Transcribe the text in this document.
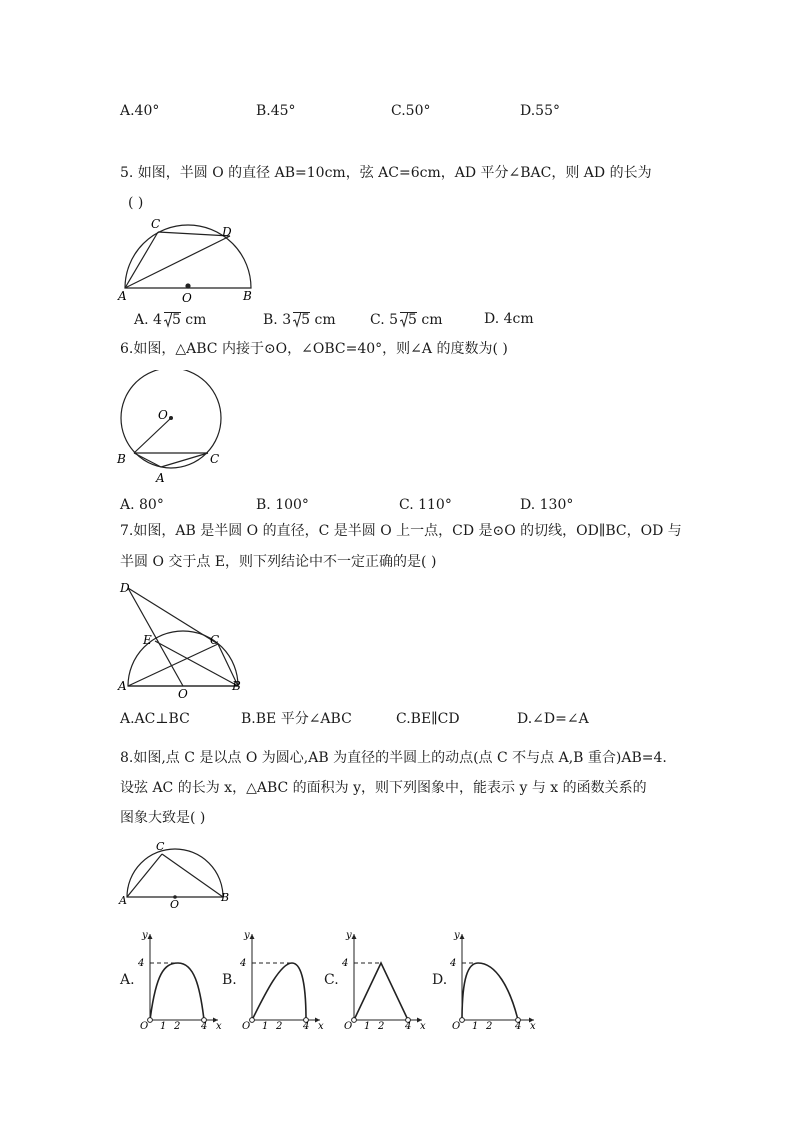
A.40°	B.45°	C.50°	D.55°
5. 如图，半圆 O 的直径 AB=10cm，弦 AC=6cm，AD 平分∠BAC，则 AD 的长为
( )
C
D
A	O	B
A. 4 5 cm	B. 3 5 cm C. 5 5 cm	D. 4cm
6.如图，△ABC 内接于⊙O，∠OBC=40°，则∠A 的度数为( )
O
B	C
A
A. 80°	B. 100°	C. 110°	D. 130°
7.如图，AB 是半圆 O 的直径，C 是半圆 O 上一点，CD 是⊙O 的切线，OD∥BC，OD 与
半圆 O 交于点 E，则下列结论中不一定正确的是( )
D
E	C
A
O
B
A.AC⊥BC	B.BE 平分∠ABC	C.BE∥CD	D.∠D=∠A
8.如图,点 C 是以点 O 为圆心,AB 为直径的半圆上的动点(点 C 不与点 A,B 重合)AB=4.
设弦 AC 的长为 x，△ABC 的面积为 y，则下列图象中，能表示 y 与 x 的函数关系的
图象大致是( )
C
A	O
B
A.
4
y
O 1 2 4 x
B.
4
y
O 1 2 4 x
C.
4
y
O 1 2 4 x
D.
4
y
O 1 2 4 x
